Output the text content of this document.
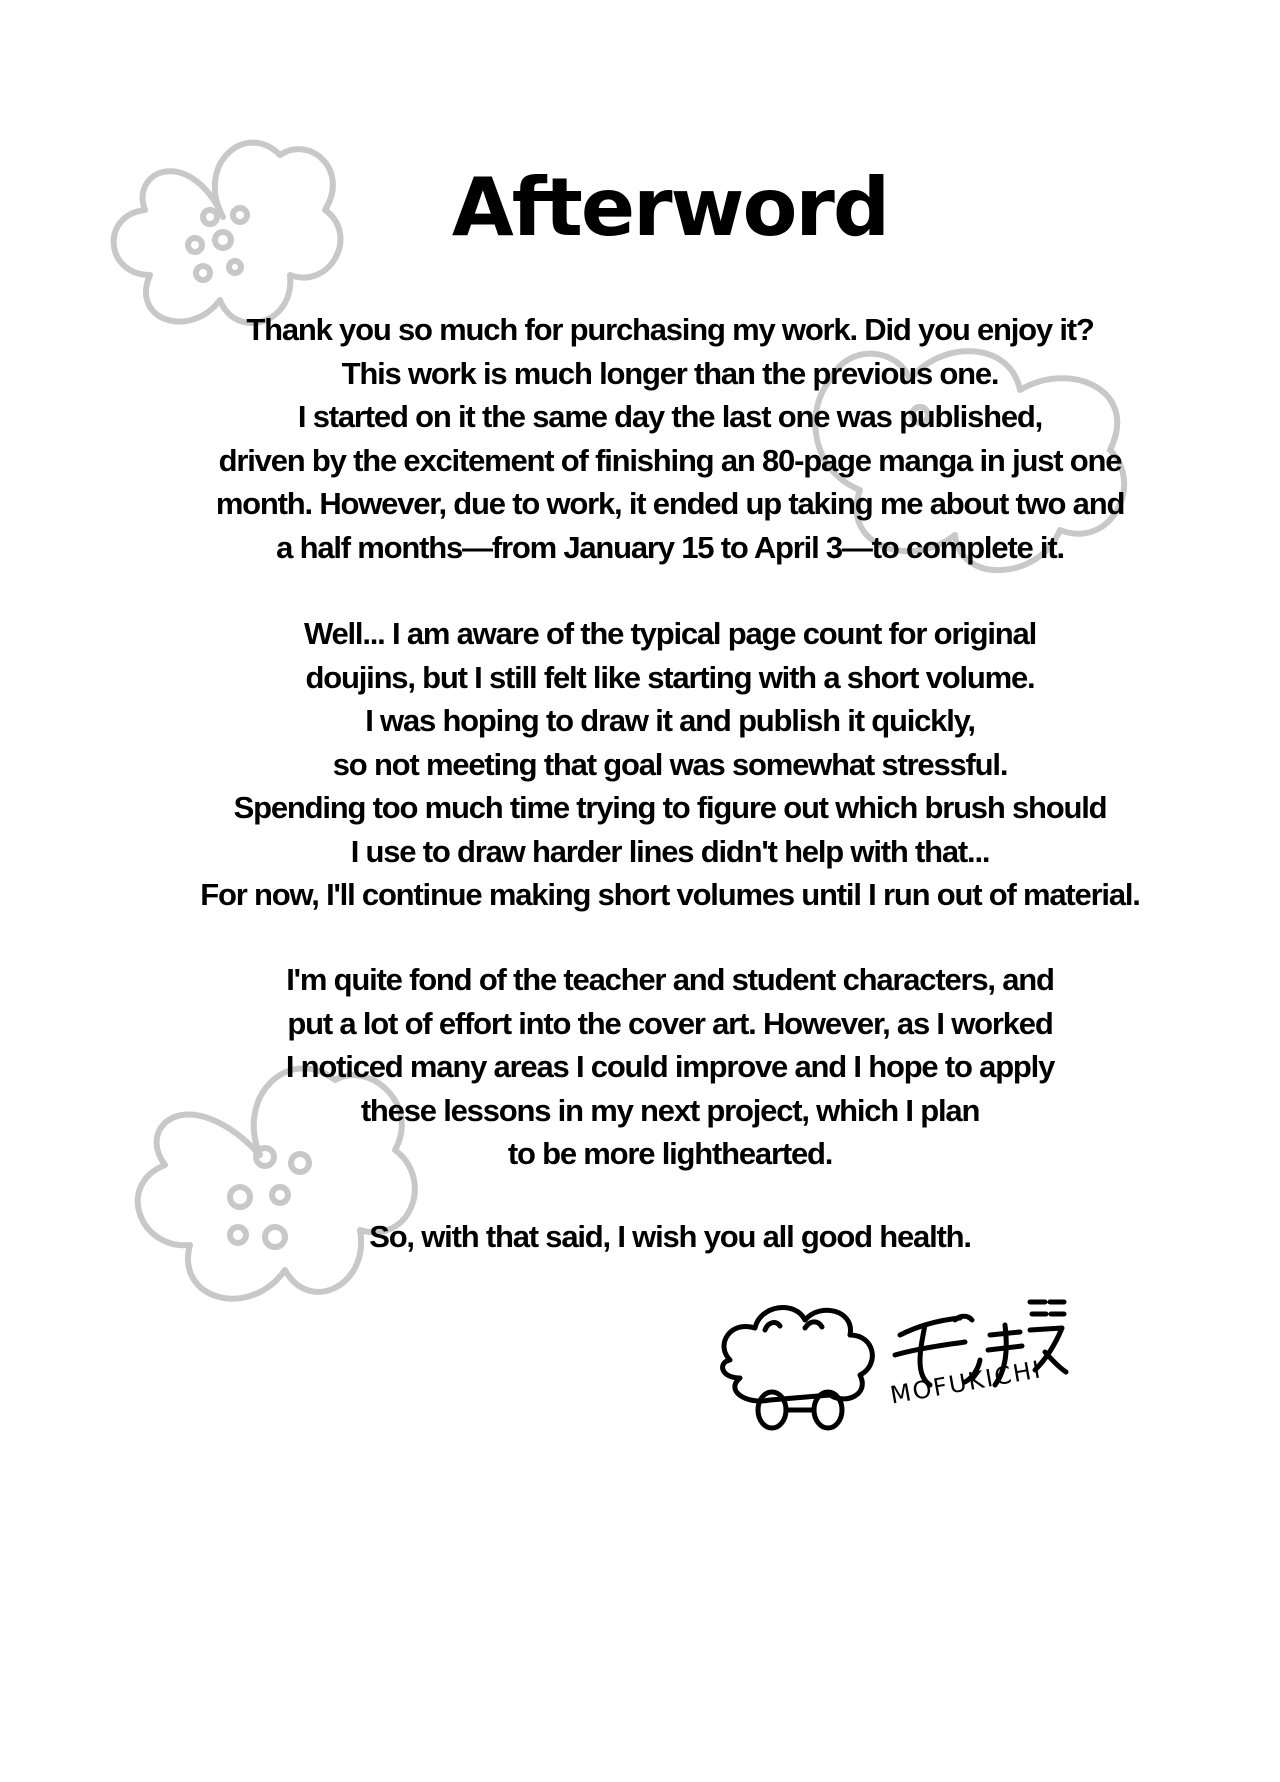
Afterword

Thank you so much for purchasing my work. Did you enjoy it?
This work is much longer than the previous one.
I started on it the same day the last one was published,
driven by the excitement of finishing an 80-page manga in just one
month. However, due to work, it ended up taking me about two and
a half months—from January 15 to April 3—to complete it.

Well... I am aware of the typical page count for original
doujins, but I still felt like starting with a short volume.
I was hoping to draw it and publish it quickly,
so not meeting that goal was somewhat stressful.
Spending too much time trying to figure out which brush should
I use to draw harder lines didn't help with that...
For now, I'll continue making short volumes until I run out of material.

I'm quite fond of the teacher and student characters, and
put a lot of effort into the cover art. However, as I worked
I noticed many areas I could improve and I hope to apply
these lessons in my next project, which I plan
to be more lighthearted.

So, with that said, I wish you all good health.

MOFUKICHI
